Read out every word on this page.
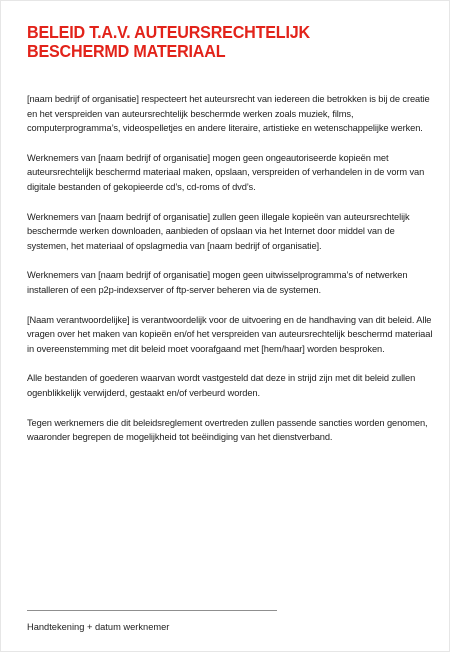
BELEID T.A.V. AUTEURSRECHTELIJK
BESCHERMD MATERIAAL

[naam bedrijf of organisatie] respecteert het auteursrecht van iedereen die betrokken is bij de creatie en het verspreiden van auteursrechtelijk beschermde werken zoals muziek, films, computerprogramma’s, videospelletjes en andere literaire, artistieke en wetenschappelijke werken.

Werknemers van [naam bedrijf of organisatie] mogen geen ongeautoriseerde kopieën met auteursrechtelijk beschermd materiaal maken, opslaan, verspreiden of verhandelen in de vorm van digitale bestanden of gekopieerde cd’s, cd-roms of dvd’s.

Werknemers van [naam bedrijf of organisatie] zullen geen illegale kopieën van auteursrechtelijk beschermde werken downloaden, aanbieden of opslaan via het Internet door middel van de systemen, het materiaal of opslagmedia van [naam bedrijf of organisatie].

Werknemers van [naam bedrijf of organisatie] mogen geen uitwisselprogramma’s of netwerken installeren of een p2p-indexserver of ftp-server beheren via de systemen.

[Naam verantwoordelijke] is verantwoordelijk voor de uitvoering en de handhaving van dit beleid. Alle vragen over het maken van kopieën en/of het verspreiden van auteursrechtelijk beschermd materiaal in overeenstemming met dit beleid moet voorafgaand met [hem/haar] worden besproken.

Alle bestanden of goederen waarvan wordt vastgesteld dat deze in strijd zijn met dit beleid zullen ogenblikkelijk verwijderd, gestaakt en/of verbeurd worden.

Tegen werknemers die dit beleidsreglement overtreden zullen passende sancties worden genomen, waaronder begrepen de mogelijkheid tot beëindiging van het dienstverband.

Handtekening + datum werknemer
